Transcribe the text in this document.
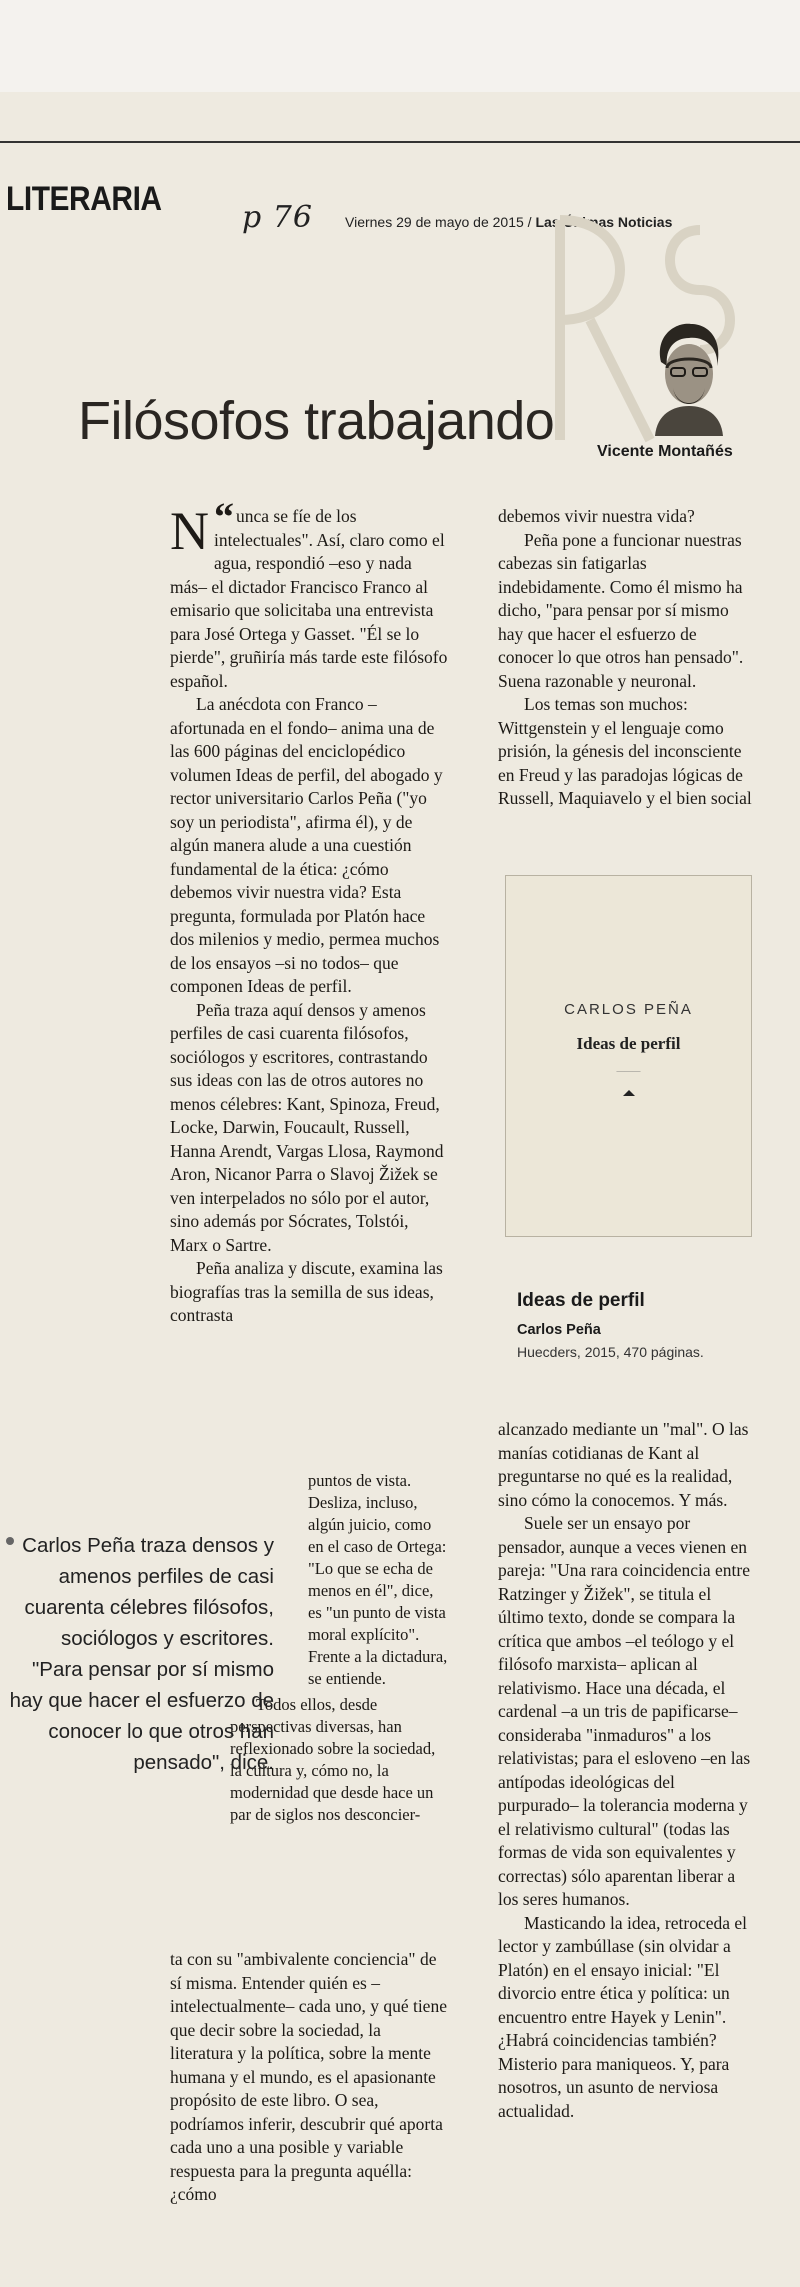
p 76 Viernes 29 de mayo de 2015 / Las Últimas Noticias
LITERARIA
Filósofos trabajando
Vicente Montañés

“
N unca se fíe de los intelectuales". Así, claro como el agua, respondió –eso y nada más– el dictador Francisco Franco al emisario que solicitaba una entrevista para José Ortega y Gasset. "Él se lo pierde", gruñiría más tarde este filósofo español.

La anécdota con Franco –afortunada en el fondo– anima una de las 600 páginas del enciclopédico volumen Ideas de perfil, del abogado y rector universitario Carlos Peña ("yo soy un periodista", afirma él), y de algún manera alude a una cuestión fundamental de la ética: ¿cómo debemos vivir nuestra vida? Esta pregunta, formulada por Platón hace dos milenios y medio, permea muchos de los ensayos –si no todos– que componen Ideas de perfil.

Peña traza aquí densos y amenos perfiles de casi cuarenta filósofos, sociólogos y escritores, contrastando sus ideas con las de otros autores no menos célebres: Kant, Spinoza, Freud, Locke, Darwin, Foucault, Russell, Hanna Arendt, Vargas Llosa, Raymond Aron, Nicanor Parra o Slavoj Žižek se ven interpelados no sólo por el autor, sino además por Sócrates, Tolstói, Marx o Sartre.

Peña analiza y discute, examina las biografías tras la semilla de sus ideas, contrasta

puntos de vista. Desliza, incluso, algún juicio, como en el caso de Ortega: "Lo que se echa de menos en él", dice, es "un punto de vista moral explícito". Frente a la dictadura, se entiende.

Todos ellos, desde perspectivas diversas, han reflexionado sobre la sociedad, la cultura y, cómo no, la modernidad que desde hace un par de siglos nos desconcier-

ta con su "ambivalente conciencia" de sí misma. Entender quién es –intelectualmente– cada uno, y qué tiene que decir sobre la sociedad, la literatura y la política, sobre la mente humana y el mundo, es el apasionante propósito de este libro. O sea, podríamos inferir, descubrir qué aporta cada uno a una posible y variable respuesta para la pregunta aquélla: ¿cómo

Carlos Peña traza densos y amenos perfiles de casi cuarenta célebres filósofos, sociólogos y escritores. "Para pensar por sí mismo hay que hacer el esfuerzo de conocer lo que otros han pensado", dice.

debemos vivir nuestra vida?

Peña pone a funcionar nuestras cabezas sin fatigarlas indebidamente. Como él mismo ha dicho, "para pensar por sí mismo hay que hacer el esfuerzo de conocer lo que otros han pensado". Suena razonable y neuronal.

Los temas son muchos: Wittgenstein y el lenguaje como prisión, la génesis del inconsciente en Freud y las paradojas lógicas de Russell, Maquiavelo y el bien social

CARLOS PEÑA
Ideas de perfil
―――
Ideas de perfil
Carlos Peña
Huecders, 2015, 470 páginas.

alcanzado mediante un "mal". O las manías cotidianas de Kant al preguntarse no qué es la realidad, sino cómo la conocemos. Y más.

Suele ser un ensayo por pensador, aunque a veces vienen en pareja: "Una rara coincidencia entre Ratzinger y Žižek", se titula el último texto, donde se compara la crítica que ambos –el teólogo y el filósofo marxista– aplican al relativismo. Hace una década, el cardenal –a un tris de papificarse– consideraba "inmaduros" a los relativistas; para el esloveno –en las antípodas ideológicas del purpurado– la tolerancia moderna y el relativismo cultural" (todas las formas de vida son equivalentes y correctas) sólo aparentan liberar a los seres humanos.

Masticando la idea, retroceda el lector y zambúllase (sin olvidar a Platón) en el ensayo inicial: "El divorcio entre ética y política: un encuentro entre Hayek y Lenin". ¿Habrá coincidencias también? Misterio para maniqueos. Y, para nosotros, un asunto de nerviosa actualidad.
